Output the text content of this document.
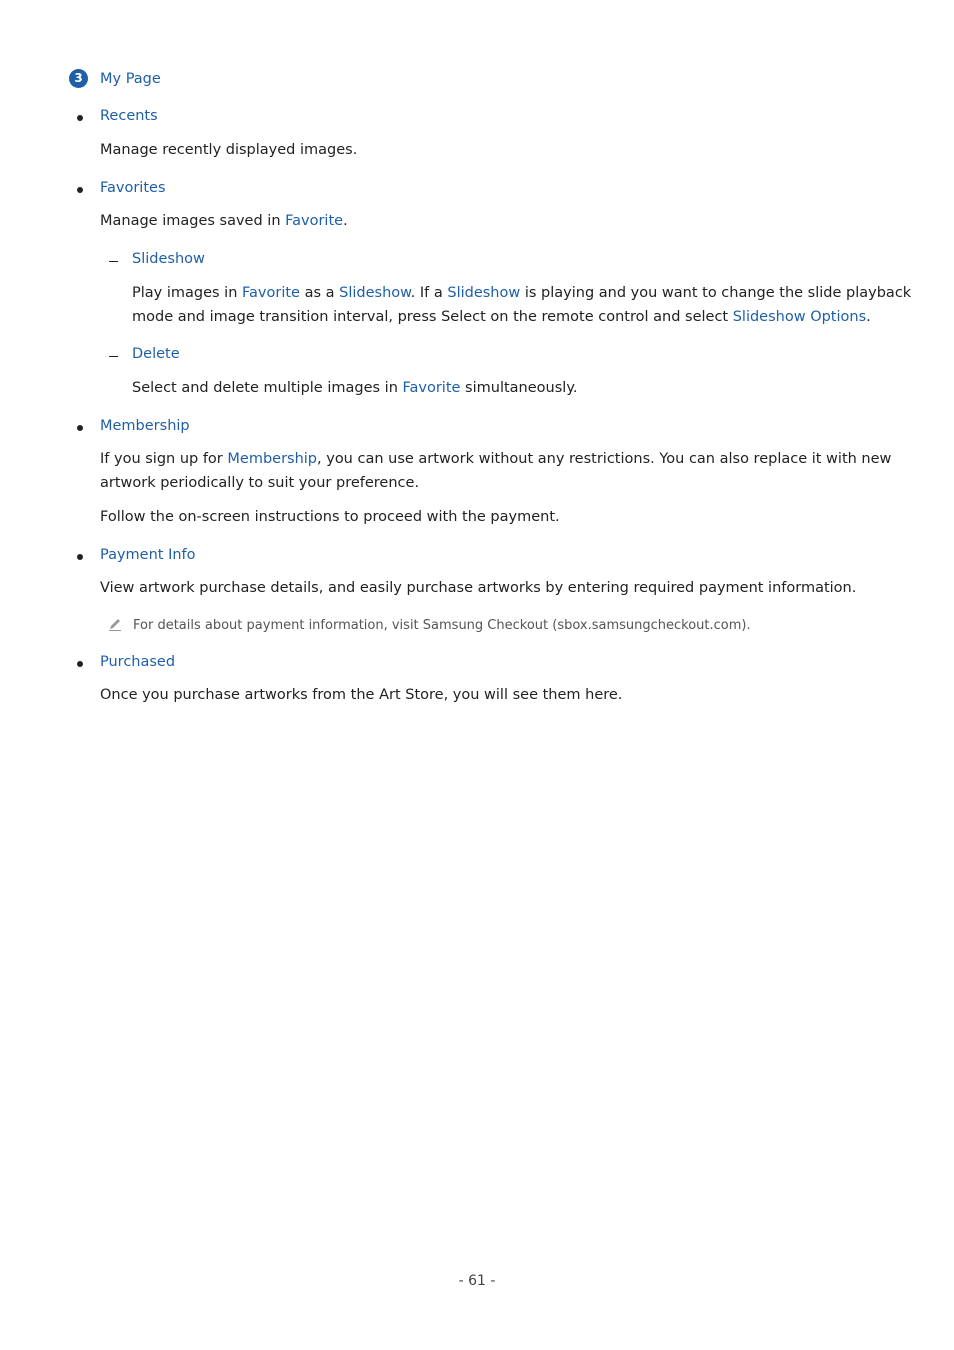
3	My Page
Recents
Manage recently displayed images.
Favorites
Manage images saved in Favorite.
Slideshow
Play images in Favorite as a Slideshow. If a Slideshow is playing and you want to change the slide playback
mode and image transition interval, press Select on the remote control and select Slideshow Options.
Delete
Select and delete multiple images in Favorite simultaneously.
Membership
If you sign up for Membership, you can use artwork without any restrictions. You can also replace it with new
artwork periodically to suit your preference.
Follow the on-screen instructions to proceed with the payment.
Payment Info
View artwork purchase details, and easily purchase artworks by entering required payment information.
For details about payment information, visit Samsung Checkout (sbox.samsungcheckout.com).
Purchased
Once you purchase artworks from the Art Store, you will see them here.
- 61 -
